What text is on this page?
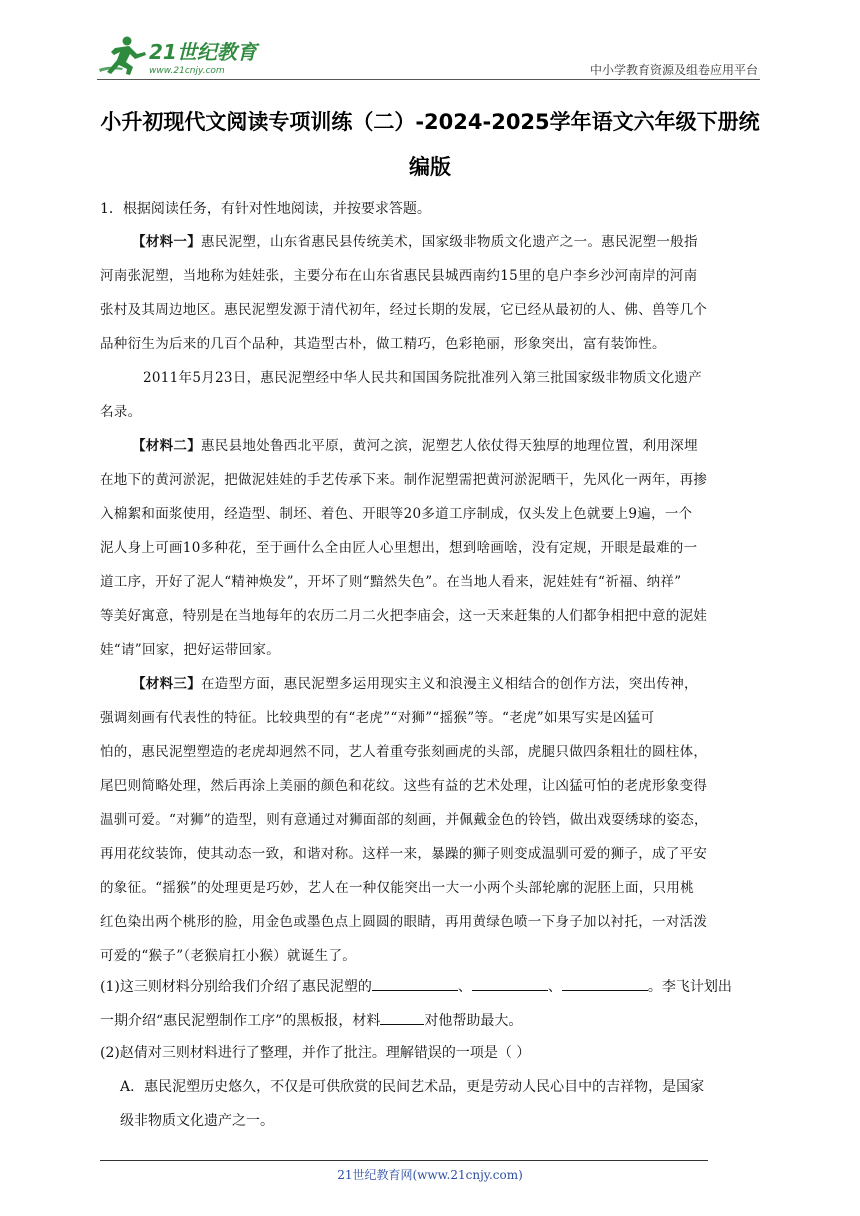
21世纪教育
www.21cnjy.com	中小学教育资源及组卷应用平台
小升初现代文阅读专项训练（二）-2024-2025学年语文六年级下册统
编版
1．根据阅读任务，有针对性地阅读，并按要求答题。
【材料一】惠民泥塑，山东省惠民县传统美术，国家级非物质文化遗产之一。惠民泥塑一般指
河南张泥塑，当地称为娃娃张，主要分布在山东省惠民县城西南约15里的皂户李乡沙河南岸的河南
张村及其周边地区。惠民泥塑发源于清代初年，经过长期的发展，它已经从最初的人、佛、兽等几个
品种衍生为后来的几百个品种，其造型古朴，做工精巧，色彩艳丽，形象突出，富有装饰性。
2011年5月23日，惠民泥塑经中华人民共和国国务院批准列入第三批国家级非物质文化遗产
名录。
【材料二】惠民县地处鲁西北平原，黄河之滨，泥塑艺人依仗得天独厚的地理位置，利用深埋
在地下的黄河淤泥，把做泥娃娃的手艺传承下来。制作泥塑需把黄河淤泥晒干，先风化一两年，再掺
入棉絮和面浆使用，经造型、制坯、着色、开眼等20多道工序制成，仅头发上色就要上9遍，一个
泥人身上可画10多种花，至于画什么全由匠人心里想出，想到啥画啥，没有定规，开眼是最难的一
道工序，开好了泥人“精神焕发”，开坏了则“黯然失色”。在当地人看来，泥娃娃有“祈福、纳祥”
等美好寓意，特别是在当地每年的农历二月二火把李庙会，这一天来赶集的人们都争相把中意的泥娃
娃“请”回家，把好运带回家。
【材料三】在造型方面，惠民泥塑多运用现实主义和浪漫主义相结合的创作方法，突出传神，
强调刻画有代表性的特征。比较典型的有“老虎”“对狮”“摇猴”等。“老虎”如果写实是凶猛可
怕的，惠民泥塑塑造的老虎却迥然不同，艺人着重夸张刻画虎的头部，虎腿只做四条粗壮的圆柱体，
尾巴则简略处理，然后再涂上美丽的颜色和花纹。这些有益的艺术处理，让凶猛可怕的老虎形象变得
温驯可爱。“对狮”的造型，则有意通过对狮面部的刻画，并佩戴金色的铃铛，做出戏耍绣球的姿态，
再用花纹装饰，使其动态一致，和谐对称。这样一来，暴躁的狮子则变成温驯可爱的狮子，成了平安
的象征。“摇猴”的处理更是巧妙，艺人在一种仅能突出一大一小两个头部轮廓的泥胚上面，只用桃
红色染出两个桃形的脸，用金色或墨色点上圆圆的眼睛，再用黄绿色喷一下身子加以衬托，一对活泼
可爱的“猴子”（老猴肩扛小猴）就诞生了。
(1)这三则材料分别给我们介绍了惠民泥塑的	、	、	。李飞计划出
一期介绍“惠民泥塑制作工序”的黑板报，材料	对他帮助最大。
(2)赵倩对三则材料进行了整理，并作了批注。理解错误的一项是（ ）
A．惠民泥塑历史悠久，不仅是可供欣赏的民间艺术品，更是劳动人民心目中的吉祥物，是国家
级非物质文化遗产之一。
21世纪教育网(www.21cnjy.com)
